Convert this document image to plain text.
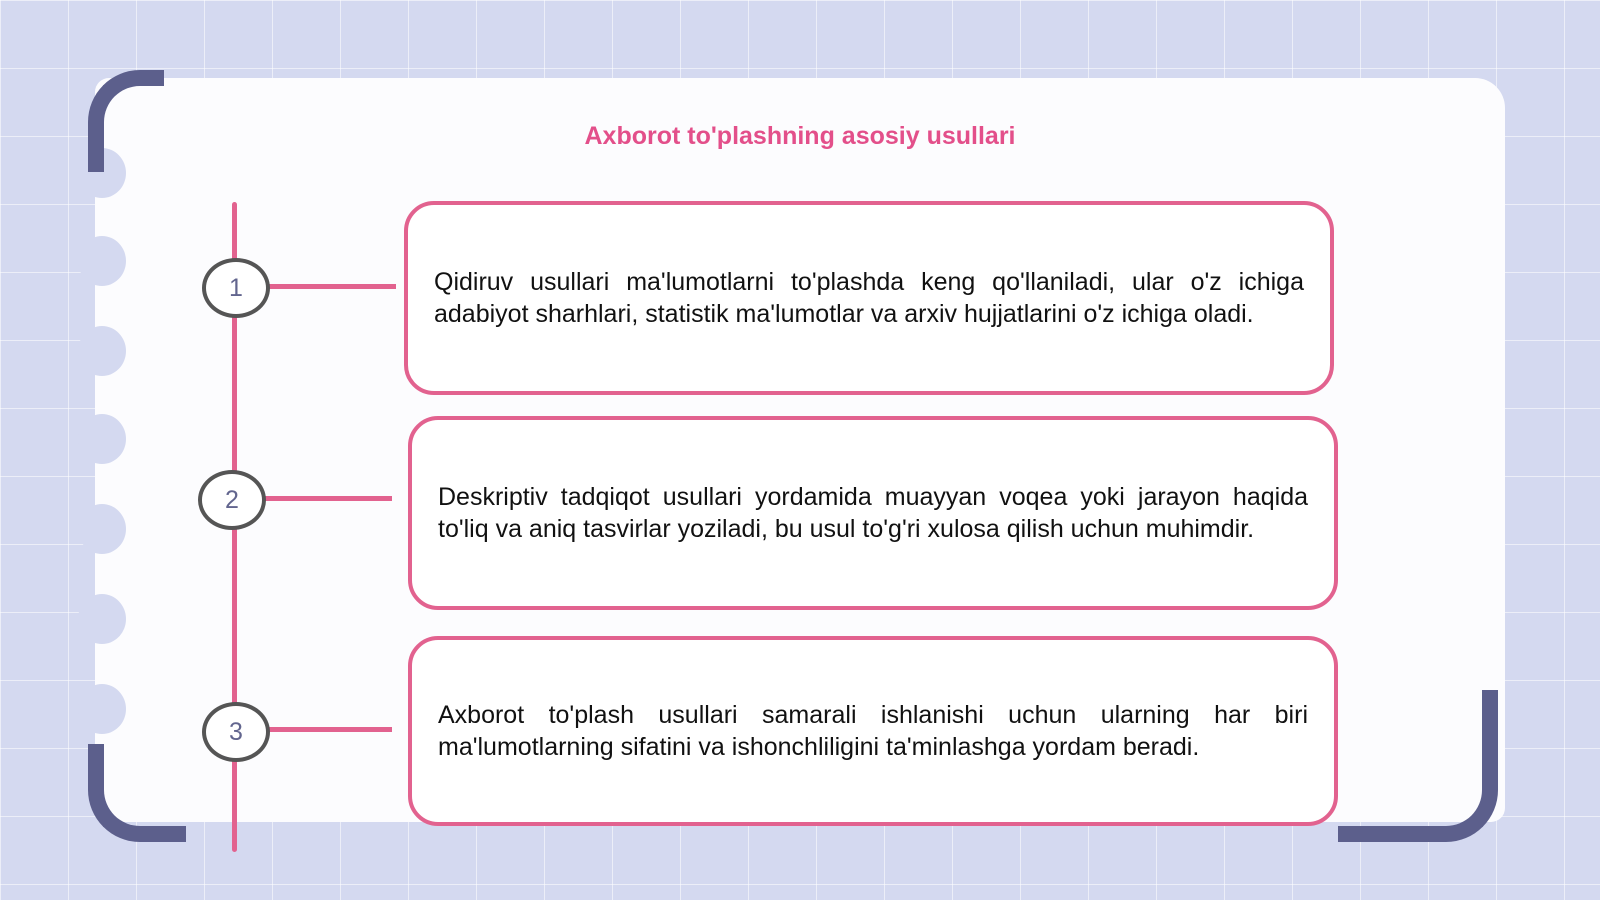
Axborot to'plashning asosiy usullari
1
2
3

Qidiruv usullari ma'lumotlarni to'plashda keng qo'llaniladi, ular o'z ichiga adabiyot sharhlari, statistik ma'lumotlar va arxiv hujjatlarini o'z ichiga oladi.

Deskriptiv tadqiqot usullari yordamida muayyan voqea yoki jarayon haqida to'liq va aniq tasvirlar yoziladi, bu usul to'g'ri xulosa qilish uchun muhimdir.

Axborot to'plash usullari samarali ishlanishi uchun ularning har biri ma'lumotlarning sifatini va ishonchliligini ta'minlashga yordam beradi.
